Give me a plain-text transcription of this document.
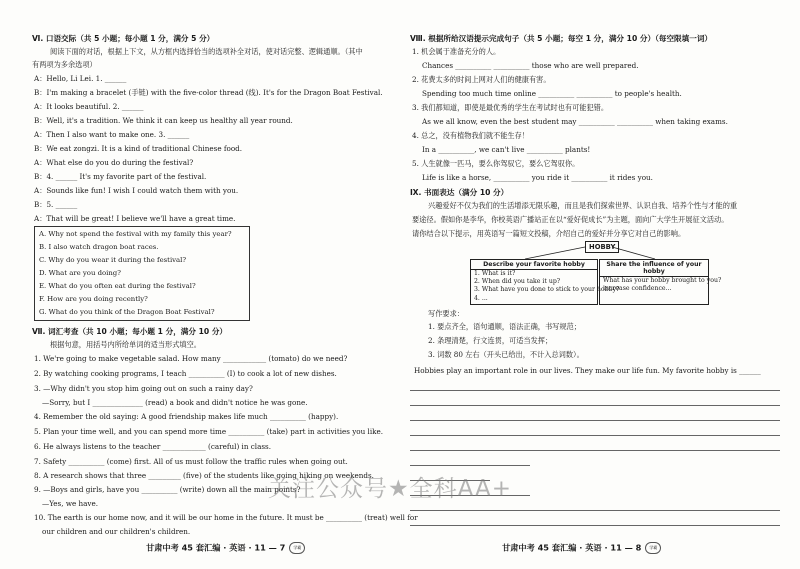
Ⅵ. 口语交际（共 5 小题；每小题 1 分，满分 5 分）
阅读下面的对话，根据上下文，从方框内选择恰当的选项补全对话，使对话完整、逻辑通顺。（其中
有两项为多余选项）
A：Hello, Li Lei. 1. ______
B：I'm making a bracelet (手链) with the five-color thread (线). It's for the Dragon Boat Festival.
A：It looks beautiful. 2. ______
B：Well, it's a tradition. We think it can keep us healthy all year round.
A：Then I also want to make one. 3. ______
B：We eat zongzi. It is a kind of traditional Chinese food.
A：What else do you do during the festival?
B：4. ______ It's my favorite part of the festival.
A：Sounds like fun! I wish I could watch them with you.
B：5. ______
A：That will be great! I believe we'll have a great time.
A. Why not spend the festival with my family this year?
B. I also watch dragon boat races.
C. Why do you wear it during the festival?
D. What are you doing?
E. What do you often eat during the festival?
F. How are you doing recently?
G. What do you think of the Dragon Boat Festival?
Ⅶ. 词汇考查（共 10 小题；每小题 1 分，满分 10 分）
根据句意，用括号内所给单词的适当形式填空。
1. We're going to make vegetable salad. How many ____________ (tomato) do we need?
2. By watching cooking programs, I teach __________ (I) to cook a lot of new dishes.
3. —Why didn't you stop him going out on such a rainy day?
—Sorry, but I ______________ (read) a book and didn't notice he was gone.
4. Remember the old saying: A good friendship makes life much __________ (happy).
5. Plan your time well, and you can spend more time __________ (take) part in activities you like.
6. He always listens to the teacher ____________ (careful) in class.
7. Safety __________ (come) first. All of us must follow the traffic rules when going out.
8. A research shows that three _________ (five) of the students like going hiking on weekends.
9. —Boys and girls, have you __________ (write) down all the main points?
—Yes, we have.
10. The earth is our home now, and it will be our home in the future. It must be __________ (treat) well for
our children and our children's children.
甘肃中考 45 套汇编 · 英语 · 11 — 7 学霸
Ⅷ. 根据所给汉语提示完成句子（共 5 小题；每空 1 分，满分 10 分）（每空限填一词）
1. 机会属于准备充分的人。
Chances __________ __________ those who are well prepared.
2. 花费太多的时间上网对人们的健康有害。
Spending too much time online __________ __________ to people's health.
3. 我们都知道，即使是最优秀的学生在考试时也有可能犯错。
As we all know, even the best student may __________ __________ when taking exams.
4. 总之，没有植物我们就不能生存！
In a __________, we can't live __________ plants!
5. 人生就像一匹马，要么你驾驭它，要么它驾驭你。
Life is like a horse, __________ you ride it __________ it rides you.
Ⅸ. 书面表达（满分 10 分）
兴趣爱好不仅为我们的生活增添无限乐趣，而且是我们探索世界、认识自我、培养个性与才能的重
要途径。假如你是李华，你校英语广播站正在以“爱好促成长”为主题，面向广大学生开展征文活动。
请你结合以下提示，用英语写一篇短文投稿，介绍自己的爱好并分享它对自己的影响。
HOBBY
Describe your favorite hobby
1. What is it?
2. When did you take it up?
3. What have you done to stick to your hobby?
4. ...
Share the influence of your hobby
What has your hobby brought to you?
increase confidence...
写作要求：
1. 要点齐全，语句通顺，语法正确，书写规范；
2. 条理清楚，行文连贯，可适当发挥；
3. 词数 80 左右（开头已给出，不计入总词数）。
Hobbies play an important role in our lives. They make our life fun. My favorite hobby is ______
甘肃中考 45 套汇编 · 英语 · 11 — 8 学霸
关注公众号★全科AA+
